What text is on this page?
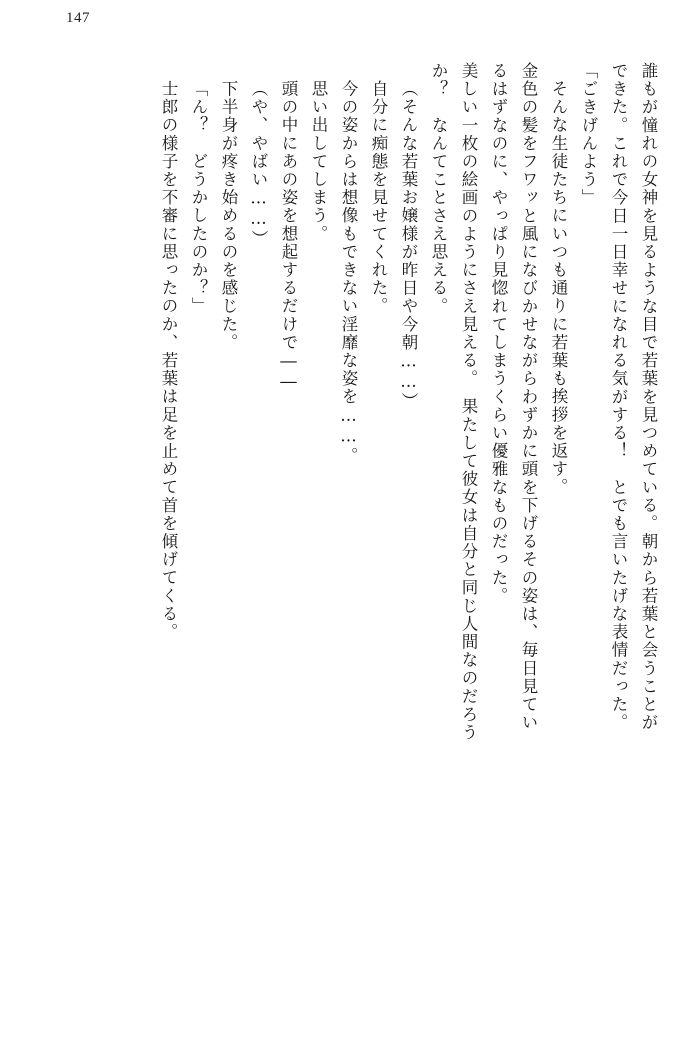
147
誰もが憧れの女神を見るような目で若葉を見つめている。朝から若葉と会うことが
できた。これで今日一日幸せになれる気がする！　とでも言いたげな表情だった。
「ごきげんよう」
そんな生徒たちにいつも通りに若葉も挨拶を返す。
金色の髪をフワッと風になびかせながらわずかに頭を下げるその姿は、毎日見てい
るはずなのに、やっぱり見惚れてしまうくらい優雅なものだった。
美しい一枚の絵画のようにさえ見える。　果たして彼女は自分と同じ人間なのだろう
か？　なんてことさえ思える。
（そんな若葉お嬢様が昨日や今朝……）
自分に痴態を見せてくれた。
今の姿からは想像もできない淫靡な姿を……。
思い出してしまう。
頭の中にあの姿を想起するだけで――
（や、やばい……）
下半身が疼き始めるのを感じた。
「ん？　どうかしたのか？」
士郎の様子を不審に思ったのか、若葉は足を止めて首を傾げてくる。
